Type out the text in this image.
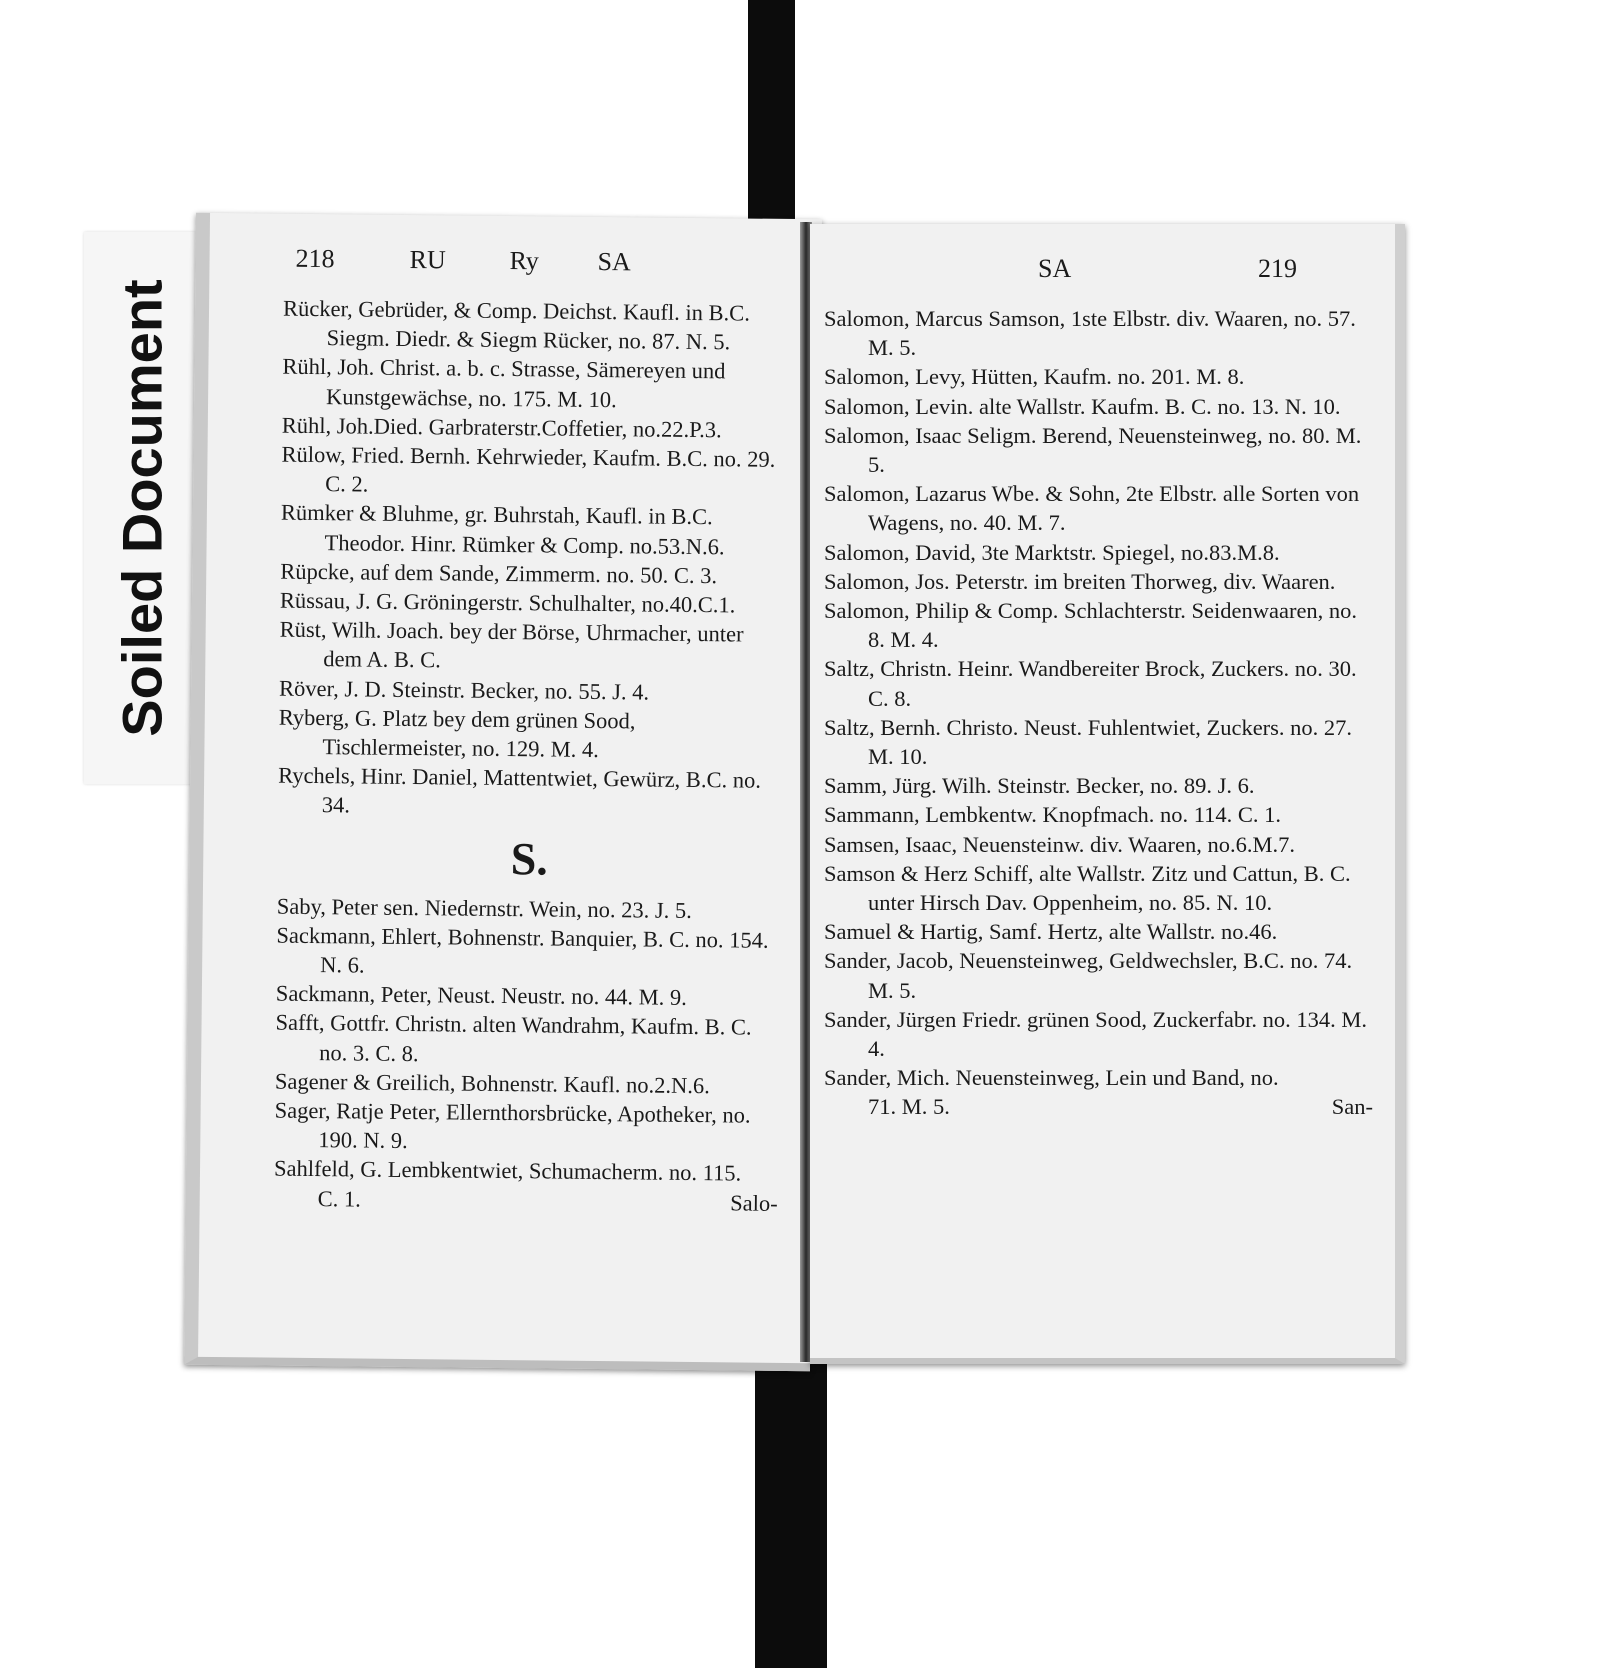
Soiled Document
218	RU Ry SA

Rücker, Gebrüder, & Comp. Deichst. Kaufl. in B.C. Siegm. Diedr. & Siegm Rücker, no. 87. N. 5.

Rühl, Joh. Christ. a. b. c. Strasse, Sämereyen und Kunstgewächse, no. 175. M. 10.

Rühl, Joh.Died. Garbraterstr.Coffetier, no.22.P.3.

Rülow, Fried. Bernh. Kehrwieder, Kaufm. B.C. no. 29. C. 2.

Rümker & Bluhme, gr. Buhrstah, Kaufl. in B.C. Theodor. Hinr. Rümker & Comp. no.53.N.6.

Rüpcke, auf dem Sande, Zimmerm. no. 50. C. 3.

Rüssau, J. G. Gröningerstr. Schulhalter, no.40.C.1.

Rüst, Wilh. Joach. bey der Börse, Uhrmacher, unter dem A. B. C.

Röver, J. D. Steinstr. Becker, no. 55. J. 4.

Ryberg, G. Platz bey dem grünen Sood, Tischlermeister, no. 129. M. 4.

Rychels, Hinr. Daniel, Mattentwiet, Gewürz, B.C. no. 34.

S.

Saby, Peter sen. Niedernstr. Wein, no. 23. J. 5.

Sackmann, Ehlert, Bohnenstr. Banquier, B. C. no. 154. N. 6.

Sackmann, Peter, Neust. Neustr. no. 44. M. 9.

Safft, Gottfr. Christn. alten Wandrahm, Kaufm. B. C. no. 3. C. 8.

Sagener & Greilich, Bohnenstr. Kaufl. no.2.N.6.

Sager, Ratje Peter, Ellernthorsbrücke, Apotheker, no. 190. N. 9.

Sahlfeld, G. Lembkentwiet, Schumacherm. no. 115.

C. 1.	Salo-
SA	219

Salomon, Marcus Samson, 1ste Elbstr. div. Waaren, no. 57. M. 5.

Salomon, Levy, Hütten, Kaufm. no. 201. M. 8.

Salomon, Levin. alte Wallstr. Kaufm. B. C. no. 13. N. 10.

Salomon, Isaac Seligm. Berend, Neuensteinweg, no. 80. M. 5.

Salomon, Lazarus Wbe. & Sohn, 2te Elbstr. alle Sorten von Wagens, no. 40. M. 7.

Salomon, David, 3te Marktstr. Spiegel, no.83.M.8.

Salomon, Jos. Peterstr. im breiten Thorweg, div. Waaren.

Salomon, Philip & Comp. Schlachterstr. Seidenwaaren, no. 8. M. 4.

Saltz, Christn. Heinr. Wandbereiter Brock, Zuckers. no. 30. C. 8.

Saltz, Bernh. Christo. Neust. Fuhlentwiet, Zuckers. no. 27. M. 10.

Samm, Jürg. Wilh. Steinstr. Becker, no. 89. J. 6.

Sammann, Lembkentw. Knopfmach. no. 114. C. 1.

Samsen, Isaac, Neuensteinw. div. Waaren, no.6.M.7.

Samson & Herz Schiff, alte Wallstr. Zitz und Cattun, B. C. unter Hirsch Dav. Oppenheim, no. 85. N. 10.

Samuel & Hartig, Samf. Hertz, alte Wallstr. no.46.

Sander, Jacob, Neuensteinweg, Geldwechsler, B.C. no. 74. M. 5.

Sander, Jürgen Friedr. grünen Sood, Zuckerfabr. no. 134. M. 4.

Sander, Mich. Neuensteinweg, Lein und Band, no.

71. M. 5.	San-
